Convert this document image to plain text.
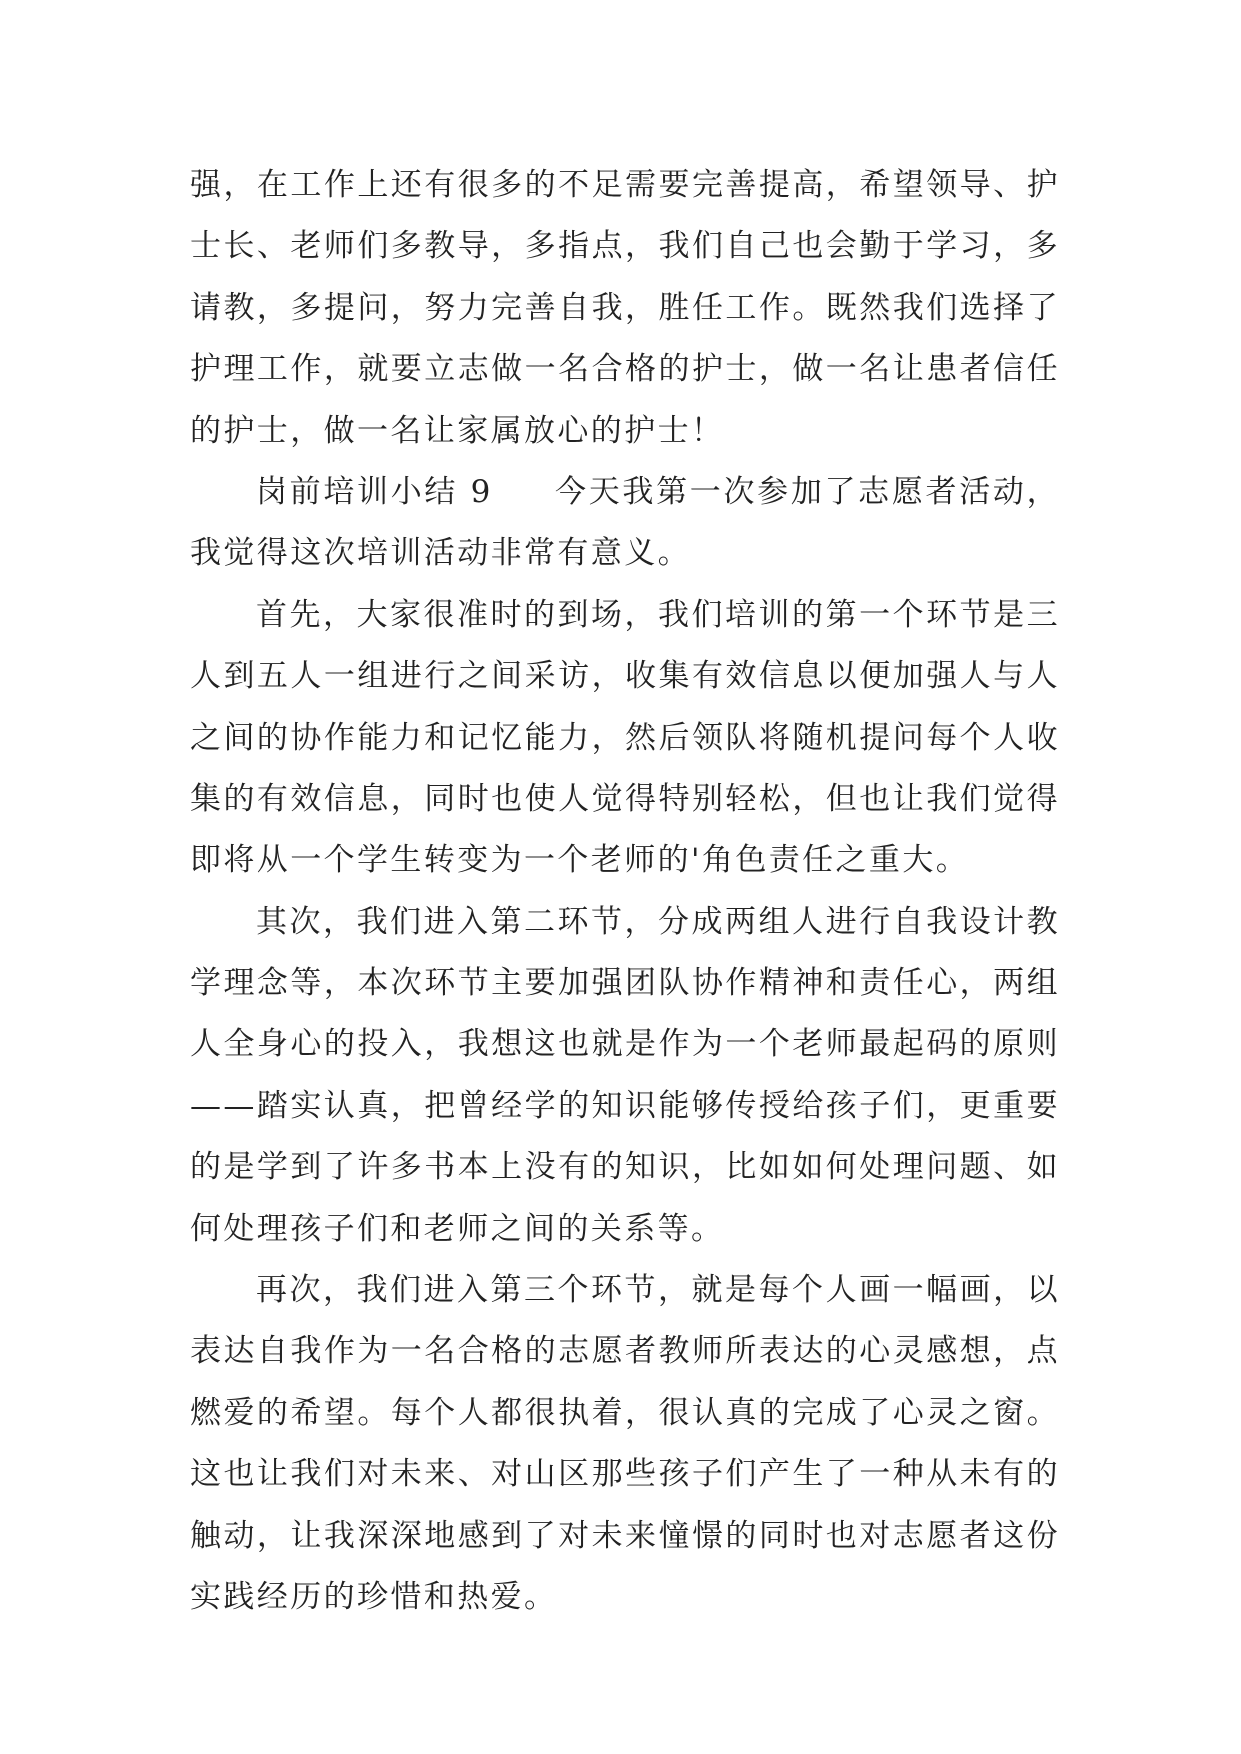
强，在工作上还有很多的不足需要完善提高，希望领导、护
士长、老师们多教导，多指点，我们自己也会勤于学习，多
请教，多提问，努力完善自我，胜任工作。既然我们选择了
护理工作，就要立志做一名合格的护士，做一名让患者信任
的护士，做一名让家属放心的护士！
岗前培训小结 9 今天我第一次参加了志愿者活动，
我觉得这次培训活动非常有意义。
首先，大家很准时的到场，我们培训的第一个环节是三
人到五人一组进行之间采访，收集有效信息以便加强人与人
之间的协作能力和记忆能力，然后领队将随机提问每个人收
集的有效信息，同时也使人觉得特别轻松，但也让我们觉得
即将从一个学生转变为一个老师的'角色责任之重大。
其次，我们进入第二环节，分成两组人进行自我设计教
学理念等，本次环节主要加强团队协作精神和责任心，两组
人全身心的投入，我想这也就是作为一个老师最起码的原则
——踏实认真，把曾经学的知识能够传授给孩子们，更重要
的是学到了许多书本上没有的知识，比如如何处理问题、如
何处理孩子们和老师之间的关系等。
再次，我们进入第三个环节，就是每个人画一幅画，以
表达自我作为一名合格的志愿者教师所表达的心灵感想，点
燃爱的希望。每个人都很执着，很认真的完成了心灵之窗。
这也让我们对未来、对山区那些孩子们产生了一种从未有的
触动，让我深深地感到了对未来憧憬的同时也对志愿者这份
实践经历的珍惜和热爱。
